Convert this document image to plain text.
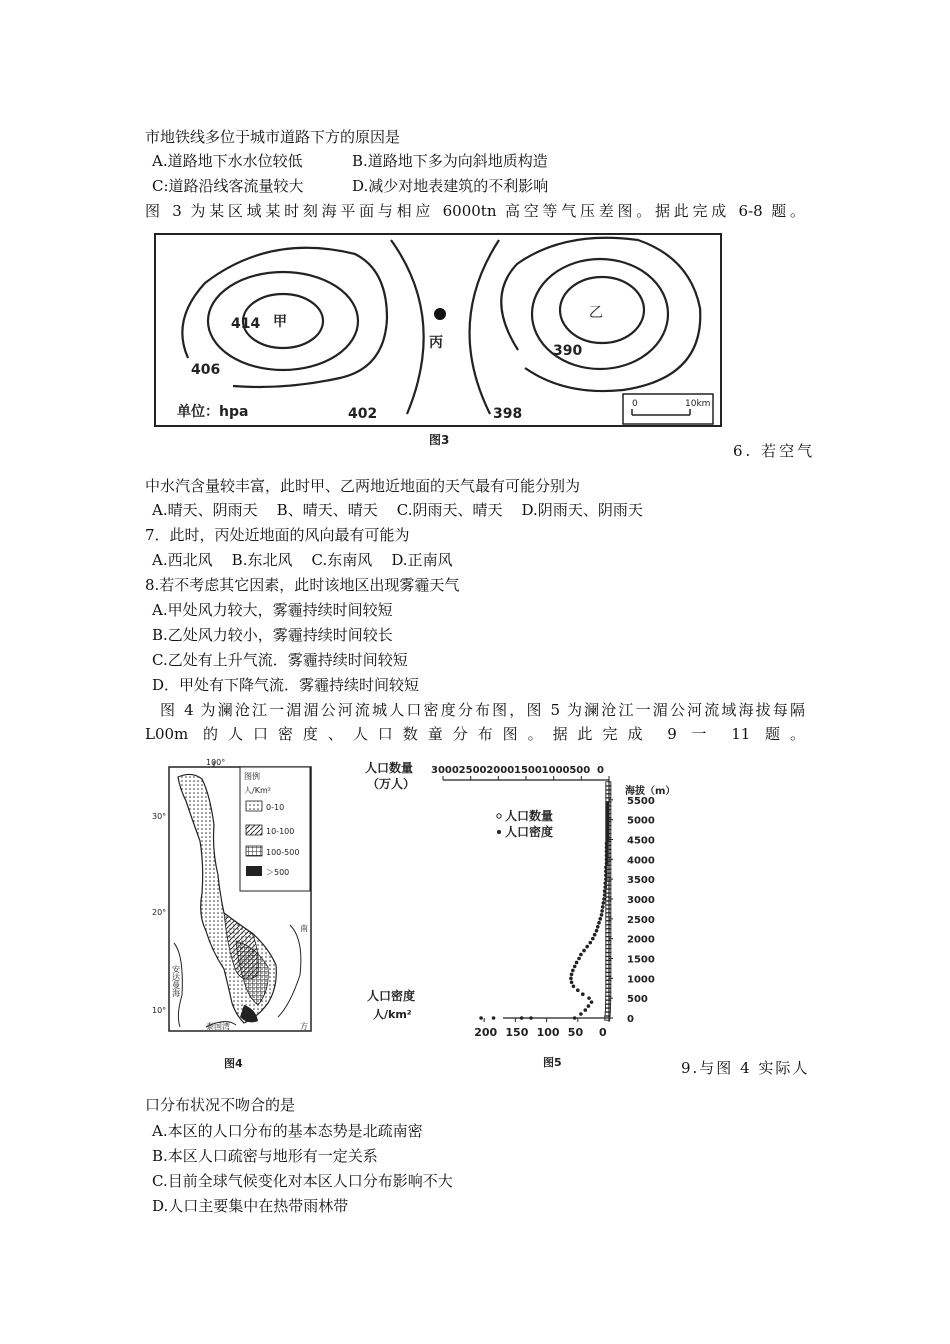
市地铁线多位于城市道路下方的原因是
A.道路地下水水位较低	B.道路地下多为向斜地质构造
C:道路沿线客流量较大	D.减少对地表建筑的不利影响
图 3 为某区域某时刻海平面与相应 6000tn 高空等气压差图。据此完成 6-8 题。
414 甲
406
丙
乙
390
单位：hpa	402	398
0	10km
图3
6. 若空气
中水汽含量较丰富，此时甲、乙两地近地面的天气最有可能分别为
A.晴天、阴雨天    B、晴天、晴天    C.阴雨天、晴天    D.阴雨天、阴雨天
7．此时，丙处近地面的风向最有可能为
A.西北风    B.东北风    C.东南风    D.正南风
8.若不考虑其它因素，此时该地区出现雾霾天气
A.甲处风力较大，雾霾持续时间较短
B.乙处风力较小，雾霾持续时间较长
C.乙处有上升气流．雾霾持续时间较短
D．甲处有下降气流．雾霾持续时间较短
图 4 为澜沧江一湄湄公河流城人口密度分布图，图 5 为澜沧江一湄公河流域海拔每隔
L00m 的人口密度、人口数童分布图。据此完成 9 一 11 题。
100°
30°
20°
10°
图例
人/Km²
0-10
10-100
100-500
＞500
安达曼海
泰国湾
南
方
图4
人口数量
（万人）
海拔（m）
人口数量
人口密度
人口密度
人/km²
3000 2500 2000 1500 1000 500 0
5500
5000
4500
4000
3500
3000
2500
2000
1500
1000
500
0
200 150 100 50 0
图5	9.与图 4 实际人
口分布状况不吻合的是
A.本区的人口分布的基本态势是北疏南密
B.本区人口疏密与地形有一定关系
C.目前全球气候变化对本区人口分布影响不大
D.人口主要集中在热带雨林带
